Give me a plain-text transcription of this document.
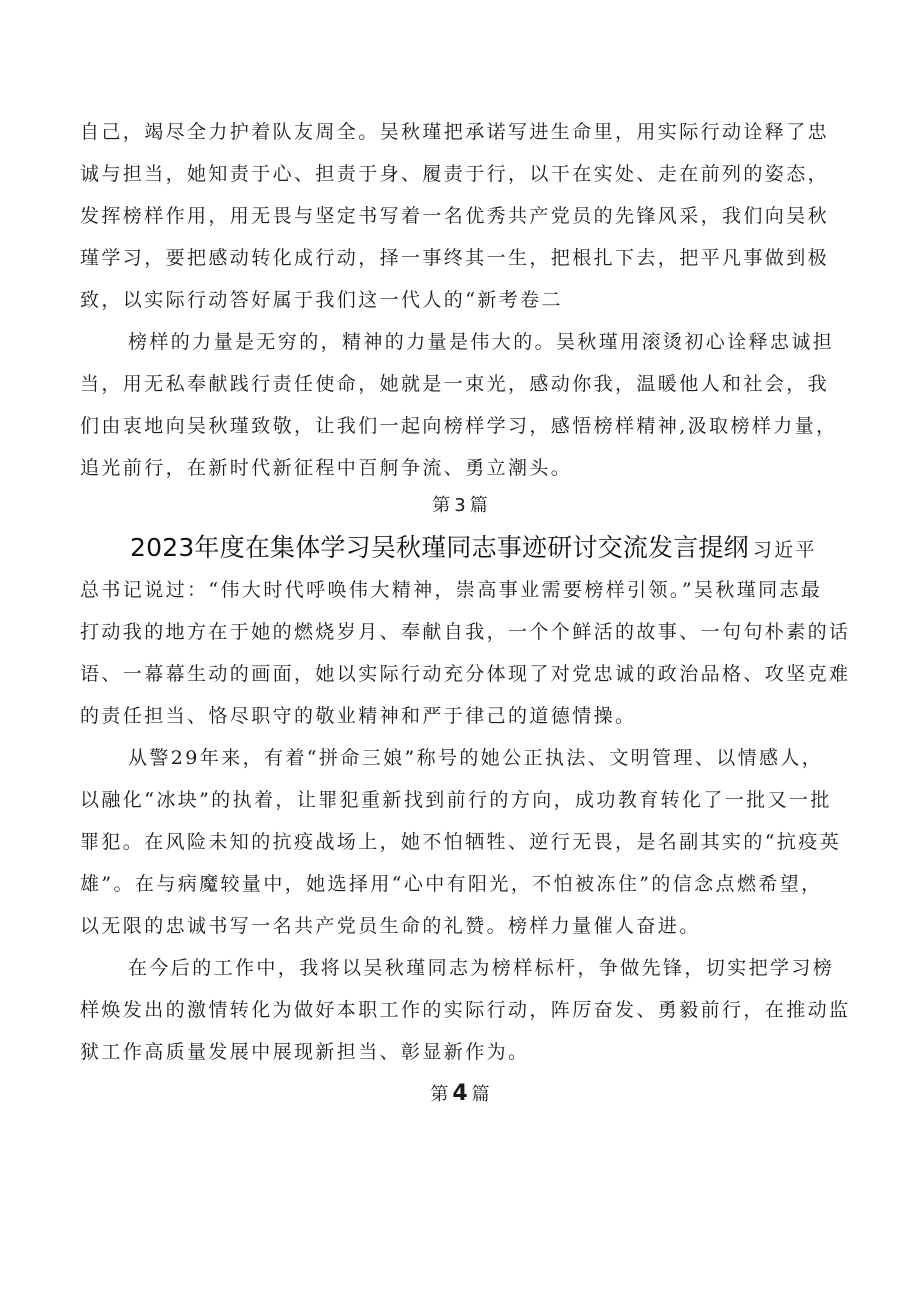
自己，竭尽全力护着队友周全。吴秋瑾把承诺写进生命里，用实际行动诠释了忠

诚与担当，她知责于心、担责于身、履责于行，以干在实处、走在前列的姿态，

发挥榜样作用，用无畏与坚定书写着一名优秀共产党员的先锋风采，我们向吴秋

瑾学习，要把感动转化成行动，择一事终其一生，把根扎下去，把平凡事做到极

致，以实际行动答好属于我们这一代人的“新考卷二

榜样的力量是无穷的，精神的力量是伟大的。吴秋瑾用滚烫初心诠释忠诚担

当，用无私奉献践行责任使命，她就是一束光，感动你我，温暖他人和社会，我

们由衷地向吴秋瑾致敬，让我们一起向榜样学习，感悟榜样精神,汲取榜样力量，

追光前行，在新时代新征程中百舸争流、勇立潮头。

第 3 篇
2023年度在集体学习吴秋瑾同志事迹研讨交流发言提纲 习近平

总书记说过：“伟大时代呼唤伟大精神，崇高事业需要榜样引领。”吴秋瑾同志最

打动我的地方在于她的燃烧岁月、奉献自我，一个个鲜活的故事、一句句朴素的话

语、一幕幕生动的画面，她以实际行动充分体现了对党忠诚的政治品格、攻坚克难

的责任担当、恪尽职守的敬业精神和严于律己的道德情操。

从警29年来，有着“拼命三娘”称号的她公正执法、文明管理、以情感人，

以融化“冰块”的执着，让罪犯重新找到前行的方向，成功教育转化了一批又一批

罪犯。在风险未知的抗疫战场上，她不怕牺牲、逆行无畏，是名副其实的“抗疫英

雄”。在与病魔较量中，她选择用“心中有阳光，不怕被冻住”的信念点燃希望，

以无限的忠诚书写一名共产党员生命的礼赞。榜样力量催人奋进。

在今后的工作中，我将以吴秋瑾同志为榜样标杆，争做先锋，切实把学习榜

样焕发出的激情转化为做好本职工作的实际行动，阵厉奋发、勇毅前行，在推动监

狱工作高质量发展中展现新担当、彰显新作为。

第 4 篇
